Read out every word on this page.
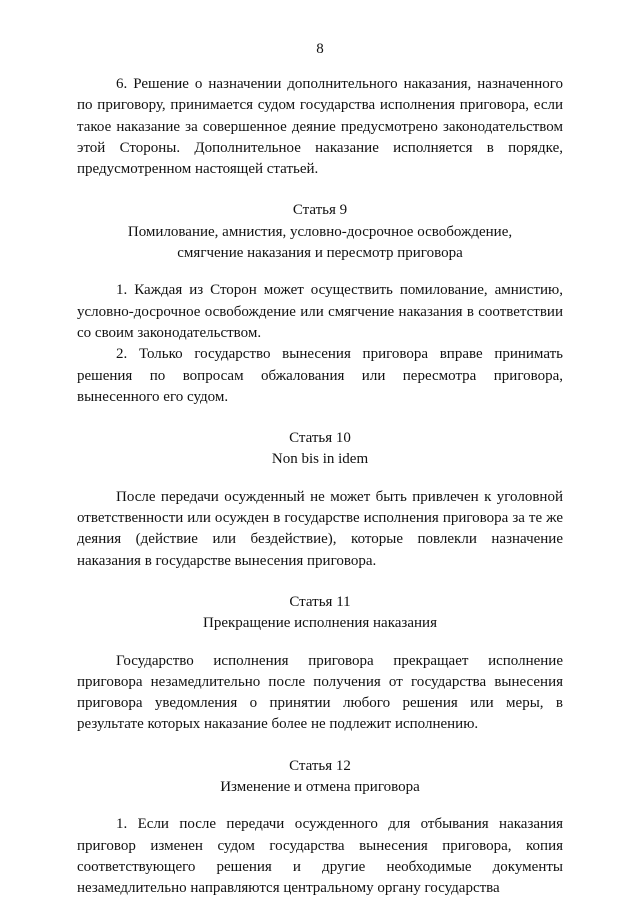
8

6. Решение о назначении дополнительного наказания, назначенного по приговору, принимается судом государства исполнения приговора, если такое наказание за совершенное деяние предусмотрено законодательством этой Стороны. Дополнительное наказание исполняется в порядке, предусмотренном настоящей статьей.

Статья 9

Помилование, амнистия, условно-досрочное освобождение,

смягчение наказания и пересмотр приговора

1. Каждая из Сторон может осуществить помилование, амнистию, условно-досрочное освобождение или смягчение наказания в соответствии со своим законодательством.

2. Только государство вынесения приговора вправе принимать решения по вопросам обжалования или пересмотра приговора, вынесенного его судом.

Статья 10

Non bis in idem

После передачи осужденный не может быть привлечен к уголовной ответственности или осужден в государстве исполнения приговора за те же деяния (действие или бездействие), которые повлекли назначение наказания в государстве вынесения приговора.

Статья 11

Прекращение исполнения наказания

Государство исполнения приговора прекращает исполнение приговора незамедлительно после получения от государства вынесения приговора уведомления о принятии любого решения или меры, в результате которых наказание более не подлежит исполнению.

Статья 12

Изменение и отмена приговора

1. Если после передачи осужденного для отбывания наказания приговор изменен судом государства вынесения приговора, копия соответствующего решения и другие необходимые документы незамедлительно направляются центральному органу государства
